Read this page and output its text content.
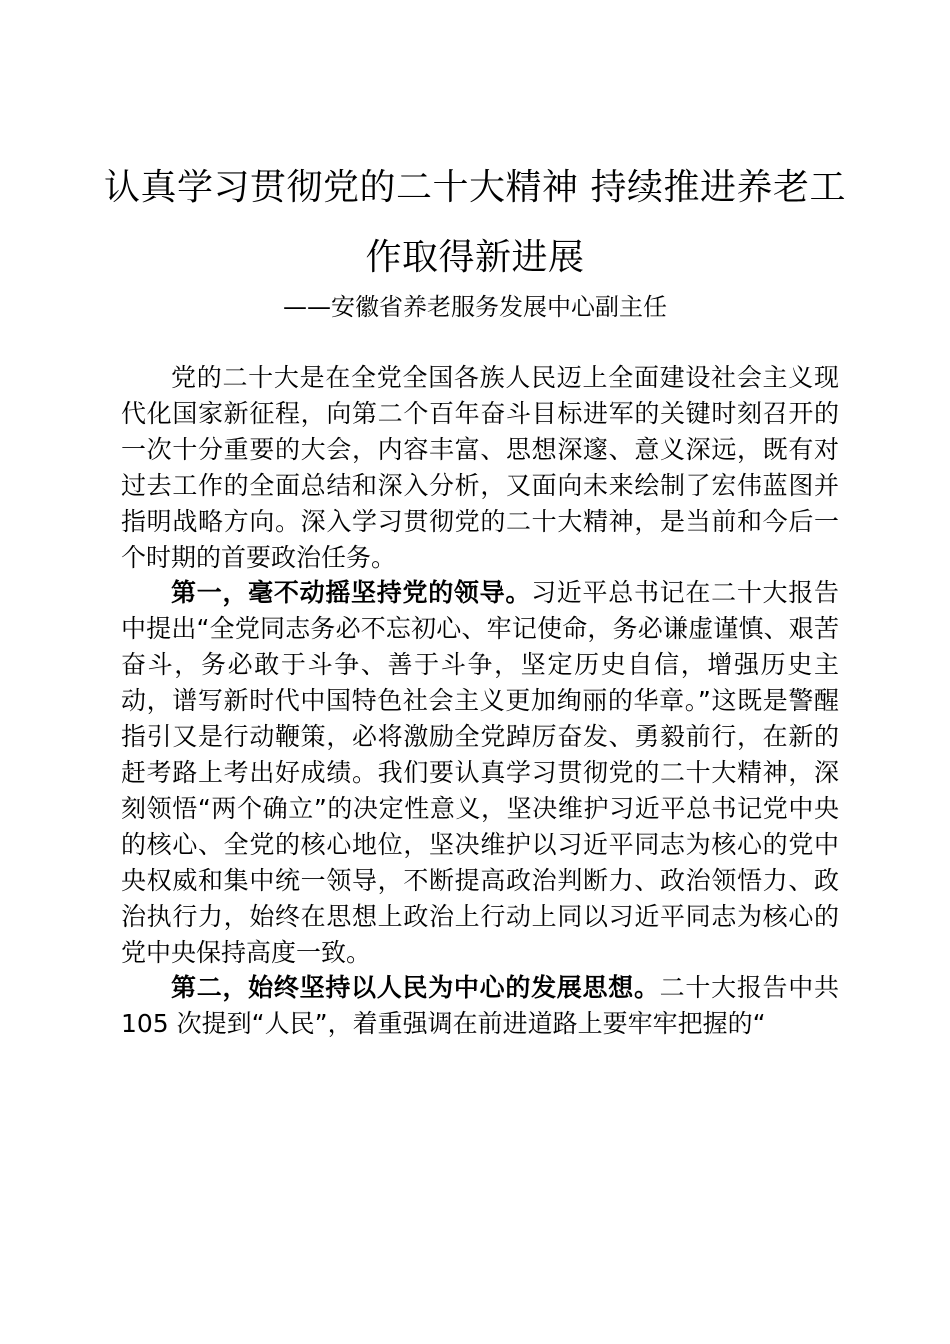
认真学习贯彻党的二十大精神 持续推进养老工
作取得新进展
——安徽省养老服务发展中心副主任

党的二十大是在全党全国各族人民迈上全面建设社会主义现代化国家新征程，向第二个百年奋斗目标进军的关键时刻召开的一次十分重要的大会，内容丰富、思想深邃、意义深远，既有对过去工作的全面总结和深入分析，又面向未来绘制了宏伟蓝图并指明战略方向。深入学习贯彻党的二十大精神，是当前和今后一个时期的首要政治任务。

第一，毫不动摇坚持党的领导。习近平总书记在二十大报告中提出“全党同志务必不忘初心、牢记使命，务必谦虚谨慎、艰苦奋斗，务必敢于斗争、善于斗争，坚定历史自信，增强历史主动，谱写新时代中国特色社会主义更加绚丽的华章。”这既是警醒指引又是行动鞭策，必将激励全党踔厉奋发、勇毅前行，在新的赶考路上考出好成绩。我们要认真学习贯彻党的二十大精神，深刻领悟“两个确立”的决定性意义，坚决维护习近平总书记党中央的核心、全党的核心地位，坚决维护以习近平同志为核心的党中央权威和集中统一领导，不断提高政治判断力、政治领悟力、政治执行力，始终在思想上政治上行动上同以习近平同志为核心的党中央保持高度一致。

第二，始终坚持以人民为中心的发展思想。二十大报告中共 105 次提到“人民”，着重强调在前进道路上要牢牢把握的“
